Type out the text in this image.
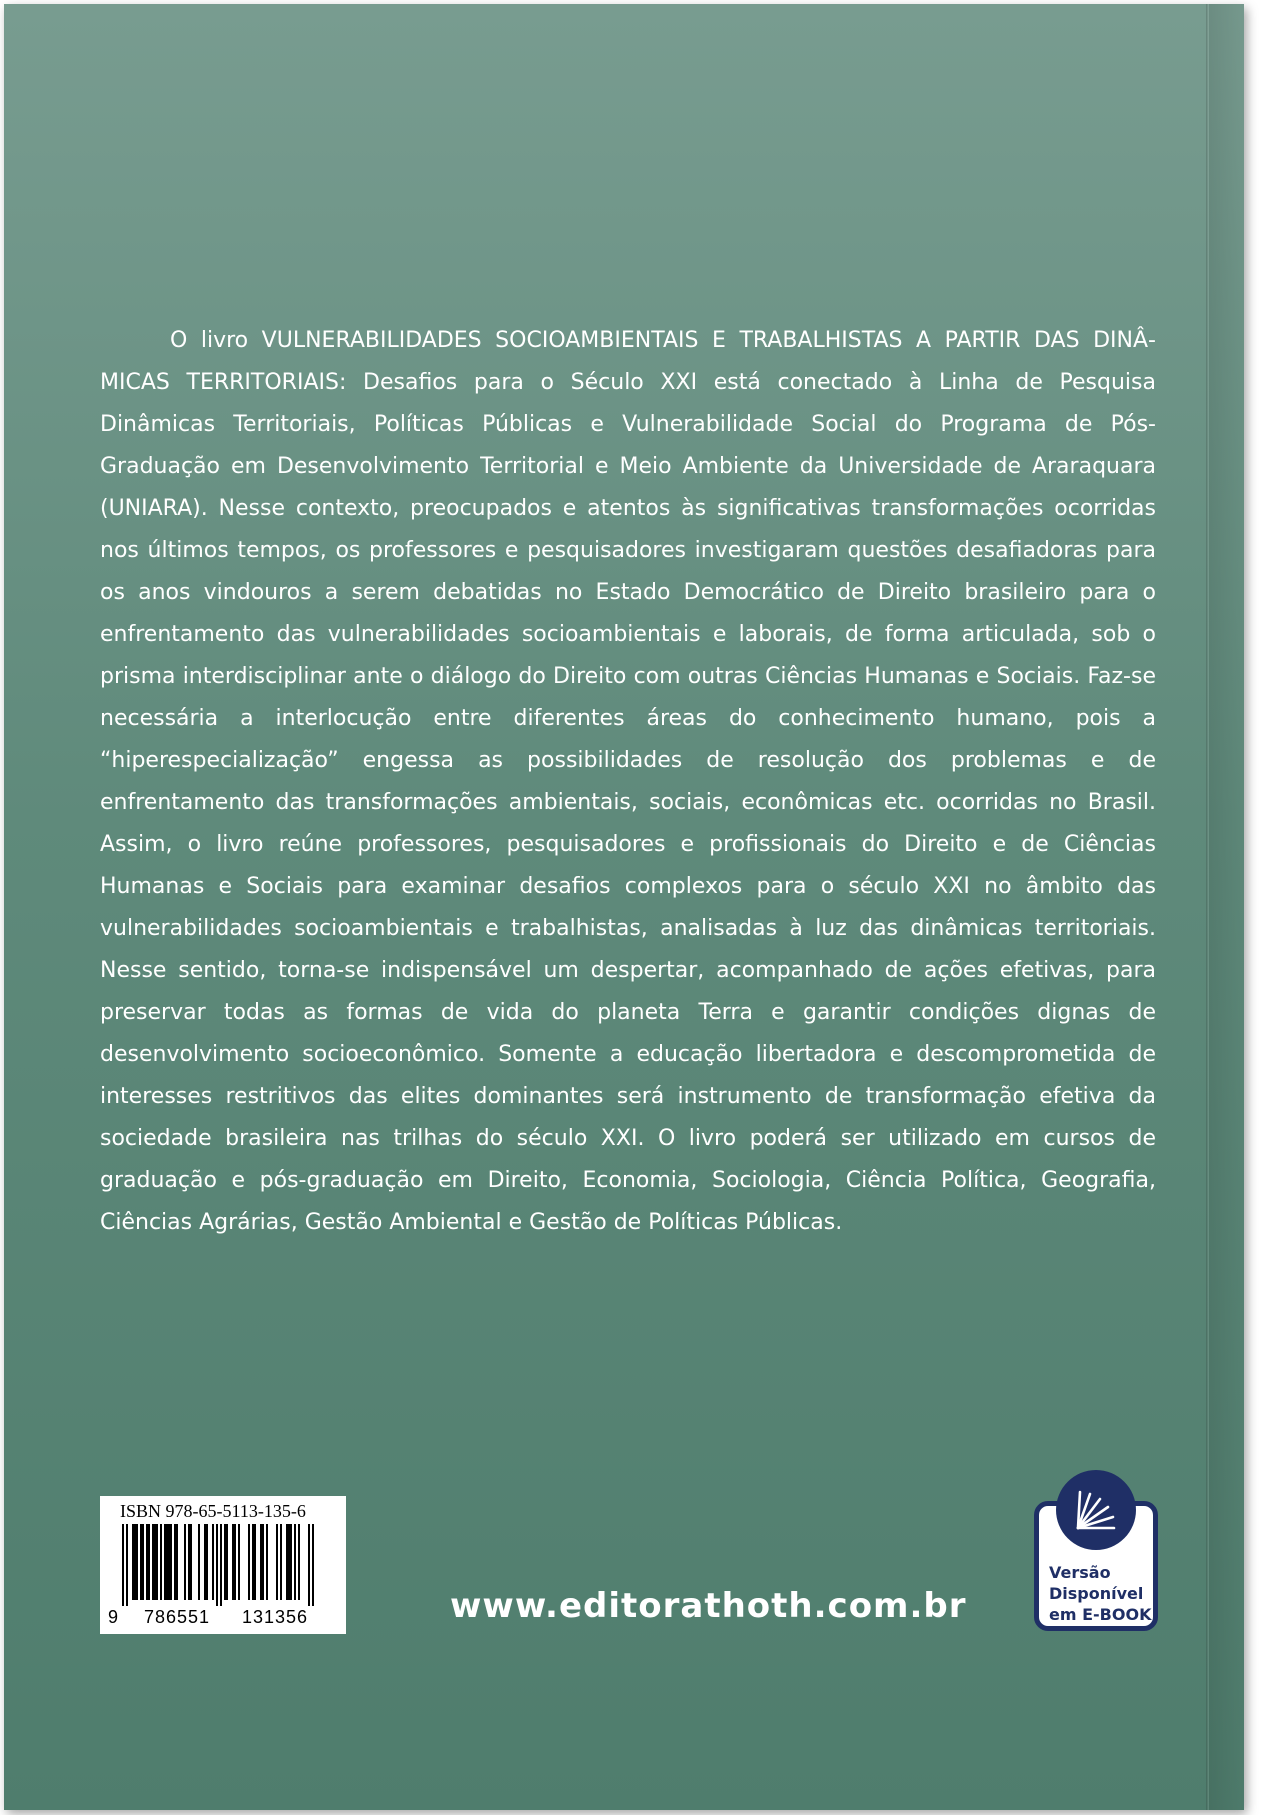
O livro VULNERABILIDADES SOCIOAMBIENTAIS E TRABALHISTAS A PARTIR DAS DINÂMICAS TERRITORIAIS: Desafios para o Século XXI está conectado à Linha de Pesquisa Dinâmicas Territoriais, Políticas Públicas e Vulnerabilidade Social do Programa de Pós-Graduação em Desenvolvimento Territorial e Meio Ambiente da Universidade de Araraquara (UNIARA). Nesse contexto, preocupados e atentos às significativas transformações ocorridas nos últimos tempos, os professores e pesquisadores investigaram questões desafiadoras para os anos vindouros a serem debatidas no Estado Democrático de Direito brasileiro para o enfrentamento das vulnerabilidades socioambientais e laborais, de forma articulada, sob o prisma interdisciplinar ante o diálogo do Direito com outras Ciências Humanas e Sociais. Faz-se necessária a interlocução entre diferentes áreas do conhecimento humano, pois a “hiperespecialização” engessa as possibilidades de resolução dos problemas e de enfrentamento das transformações ambientais, sociais, econômicas etc. ocorridas no Brasil. Assim, o livro reúne professores, pesquisadores e profissionais do Direito e de Ciências Humanas e Sociais para examinar desafios complexos para o século XXI no âmbito das vulnerabilidades socioambientais e trabalhistas, analisadas à luz das dinâmicas territoriais. Nesse sentido, torna-se indispensável um despertar, acompanhado de ações efetivas, para preservar todas as formas de vida do planeta Terra e garantir condições dignas de desenvolvimento socioeconômico. Somente a educação libertadora e descomprometida de interesses restritivos das elites dominantes será instrumento de transformação efetiva da sociedade brasileira nas trilhas do século XXI. O livro poderá ser utilizado em cursos de graduação e pós-graduação em Direito, Economia, Sociologia, Ciência Política, Geografia, Ciências Agrárias, Gestão Ambiental e Gestão de Políticas Públicas.

ISBN 978-65-5113-135-6
9 786551 131356	www.editorathoth.com.br
Versão
Disponível
em E-BOOK
